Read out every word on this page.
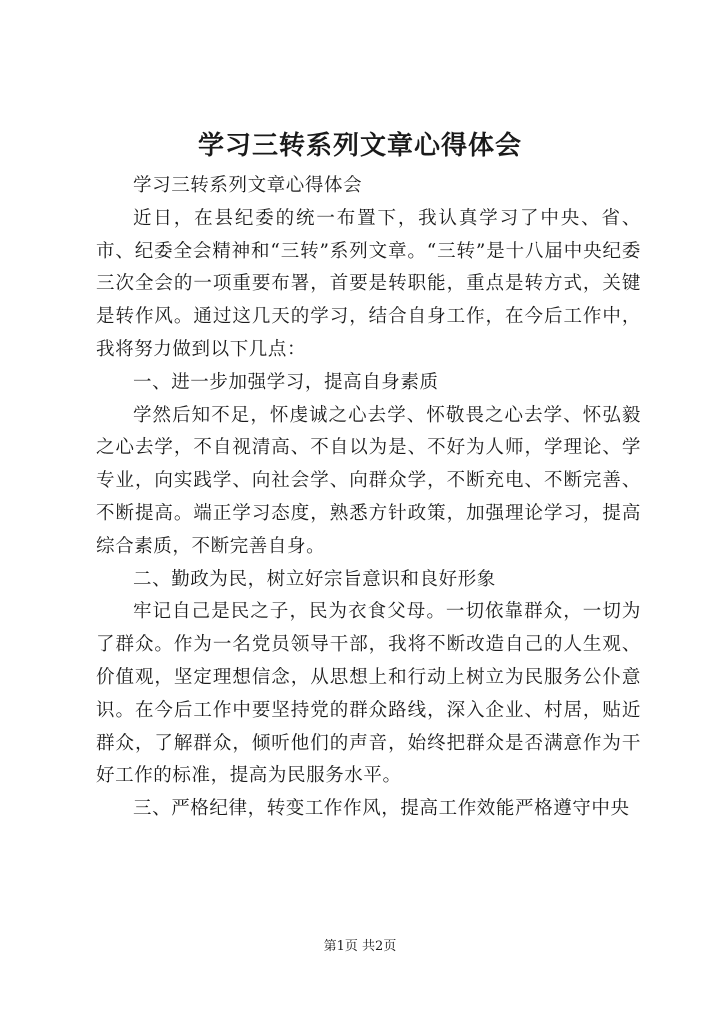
学习三转系列文章心得体会

学习三转系列文章心得体会

近日，在县纪委的统一布置下，我认真学习了中央、省、市、纪委全会精神和“三转”系列文章。“三转”是十八届中央纪委三次全会的一项重要布署，首要是转职能，重点是转方式，关键是转作风。通过这几天的学习，结合自身工作，在今后工作中，我将努力做到以下几点：

一、进一步加强学习，提高自身素质

学然后知不足，怀虔诚之心去学、怀敬畏之心去学、怀弘毅之心去学，不自视清高、不自以为是、不好为人师，学理论、学专业，向实践学、向社会学、向群众学，不断充电、不断完善、不断提高。端正学习态度，熟悉方针政策，加强理论学习，提高综合素质，不断完善自身。

二、勤政为民，树立好宗旨意识和良好形象

牢记自己是民之子，民为衣食父母。一切依靠群众，一切为了群众。作为一名党员领导干部，我将不断改造自己的人生观、价值观，坚定理想信念，从思想上和行动上树立为民服务公仆意识。在今后工作中要坚持党的群众路线，深入企业、村居，贴近群众，了解群众，倾听他们的声音，始终把群众是否满意作为干好工作的标准，提高为民服务水平。

三、严格纪律，转变工作作风，提高工作效能严格遵守中央

第1页 共2页
